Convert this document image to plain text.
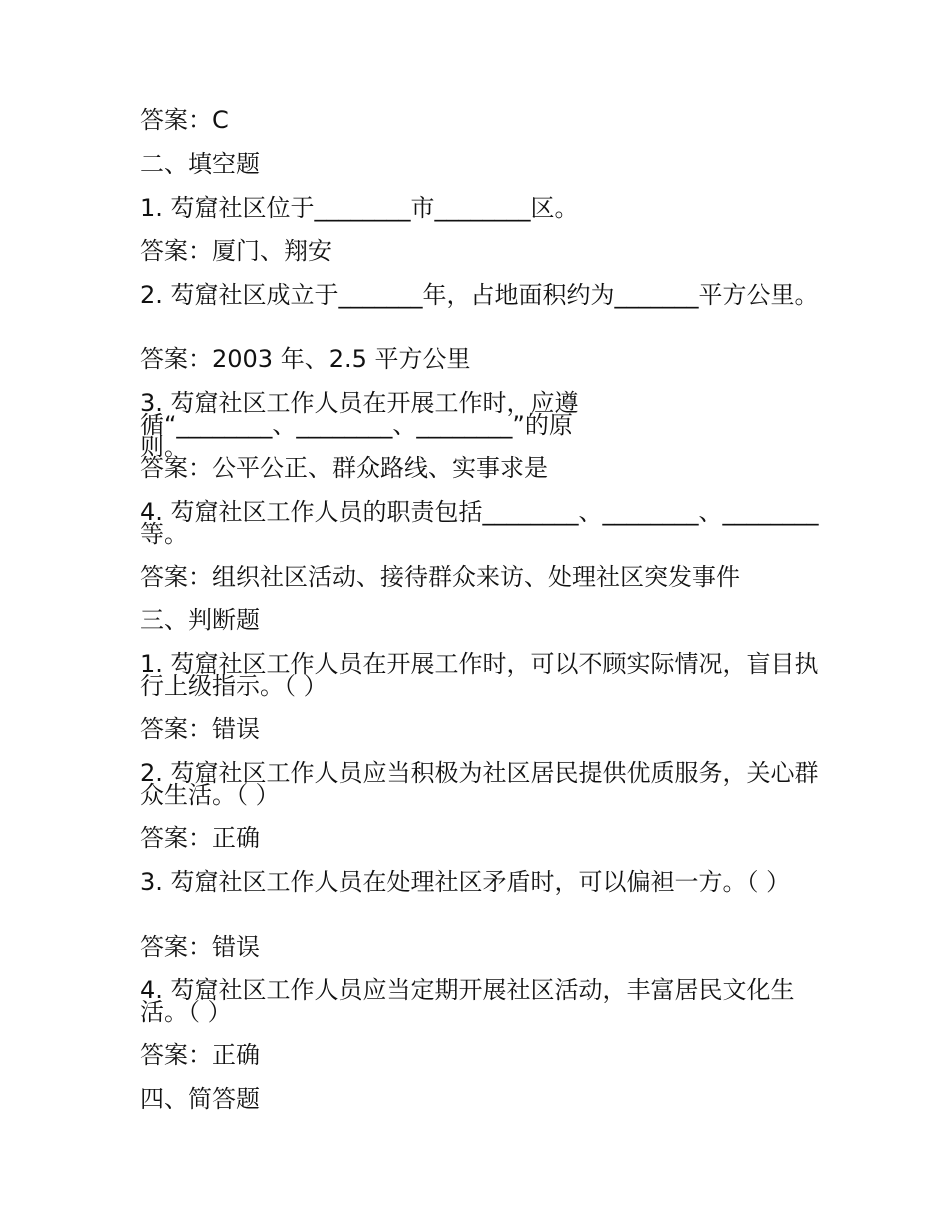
答案：C
二、填空题
1. 芶窟社区位于________市________区。
答案：厦门、翔安
2. 芶窟社区成立于_______年，占地面积约为_______平方公里。
答案：2003 年、2.5 平方公里
3. 芶窟社区工作人员在开展工作时，应遵循“________、________、________”的原则。
答案：公平公正、群众路线、实事求是
4. 芶窟社区工作人员的职责包括________、________、________等。
答案：组织社区活动、接待群众来访、处理社区突发事件
三、判断题
1. 芶窟社区工作人员在开展工作时，可以不顾实际情况，盲目执行上级指示。（ ）
答案：错误
2. 芶窟社区工作人员应当积极为社区居民提供优质服务，关心群众生活。（ ）
答案：正确
3. 芶窟社区工作人员在处理社区矛盾时，可以偏袒一方。（ ）
答案：错误
4. 芶窟社区工作人员应当定期开展社区活动，丰富居民文化生活。（ ）
答案：正确
四、简答题
